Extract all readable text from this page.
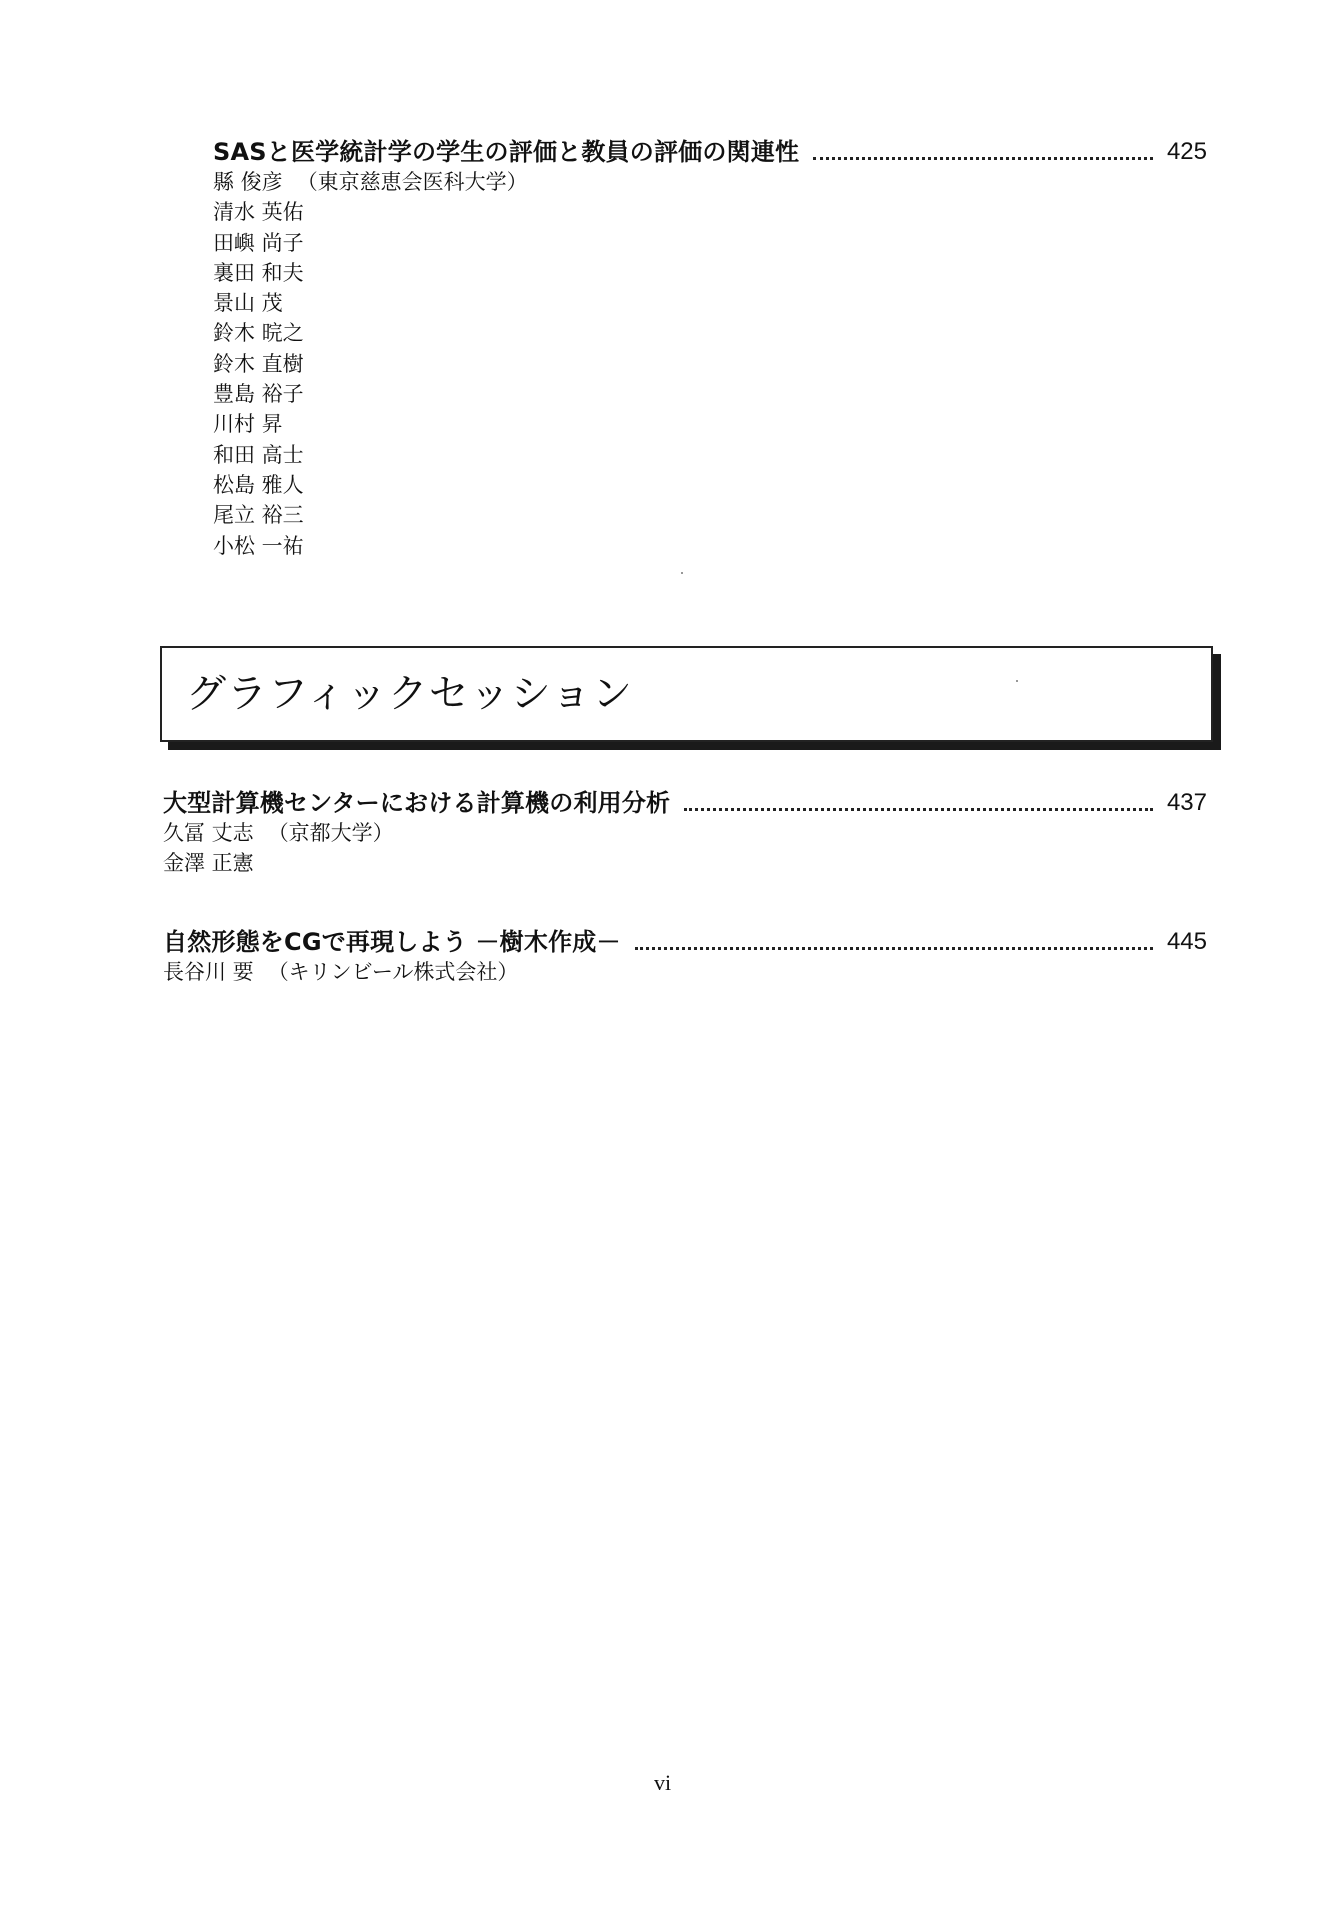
SASと医学統計学の学生の評価と教員の評価の関連性	425
縣 俊彦 （東京慈恵会医科大学）
清水 英佑
田嶼 尚子
裏田 和夫
景山 茂
鈴木 晥之
鈴木 直樹
豊島 裕子
川村 昇
和田 高士
松島 雅人
尾立 裕三
小松 一祐
グラフィックセッション
大型計算機センターにおける計算機の利用分析	437
久冨 丈志 （京都大学）
金澤 正憲
自然形態をCGで再現しよう －樹木作成－	445
長谷川 要 （キリンビール株式会社）
vi
